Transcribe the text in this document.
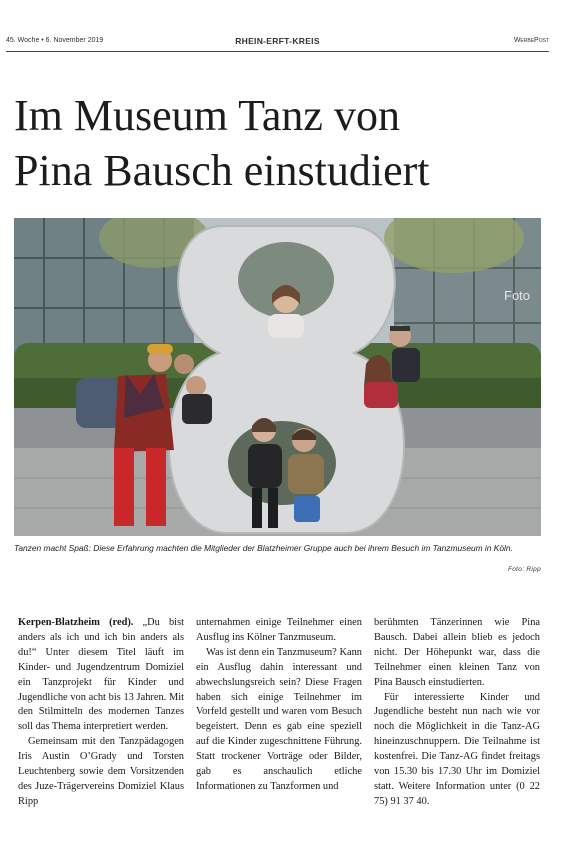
45. Woche • 6. November 2019	RHEIN-ERFT-KREIS	WerbePost
Im Museum Tanz von
Pina Bausch einstudiert
Foto

Tanzen macht Spaß: Diese Erfahrung machten die Mitglieder der Blatzheimer Gruppe auch bei ihrem Besuch im Tanzmuseum in Köln.

Foto: Ripp

Kerpen-Blatzheim (red). „Du bist anders als ich und ich bin anders als du!“ Unter diesem Titel läuft im Kinder- und Jugendzentrum Domiziel ein Tanzprojekt für Kinder und Jugendliche von acht bis 13 Jahren. Mit den Stilmitteln des modernen Tanzes soll das Thema interpretiert werden.

Gemeinsam mit den Tanzpädagogen Iris Austin O’Grady und Torsten Leuchtenberg sowie dem Vorsitzenden des Juze-Trägervereins Domiziel Klaus Ripp

unternahmen einige Teilnehmer einen Ausflug ins Kölner Tanzmuseum.

Was ist denn ein Tanzmuseum? Kann ein Ausflug dahin interessant und abwechslungsreich sein? Diese Fragen haben sich einige Teilnehmer im Vorfeld gestellt und waren vom Besuch begeistert. Denn es gab eine speziell auf die Kinder zugeschnittene Führung. Statt trockener Vorträge oder Bilder, gab es anschaulich etliche Informationen zu Tanzformen und

berühmten Tänzerinnen wie Pina Bausch. Dabei allein blieb es jedoch nicht. Der Höhepunkt war, dass die Teilnehmer einen kleinen Tanz von Pina Bausch einstudierten.

Für interessierte Kinder und Jugendliche besteht nun nach wie vor noch die Möglichkeit in die Tanz-AG hineinzuschnuppern. Die Teilnahme ist kostenfrei. Die Tanz-AG findet freitags von 15.30 bis 17.30 Uhr im Domiziel statt. Weitere Information unter (0 22 75) 91 37 40.
